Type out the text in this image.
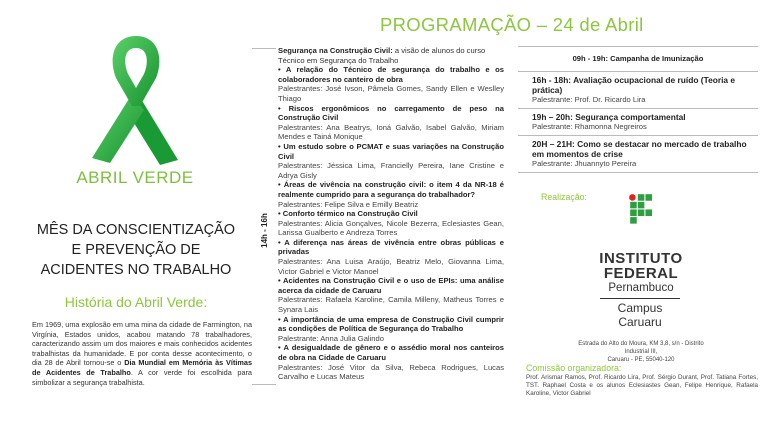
ABRIL VERDE
MÊS DA CONSCIENTIZAÇÃO
E PREVENÇÃO DE
ACIDENTES NO TRABALHO
História do Abril Verde:
Em 1969, uma explosão em uma mina da cidade de Farmington, na Virgínia, Estados unidos, acabou matando 78 trabalhadores, caracterizando assim um dos maiores e mais conhecidos acidentes trabalhistas da humanidade. E por conta desse acontecimento, o dia 28 de Abril tornou-se o Dia Mundial em Memória às Vítimas de Acidentes de Trabalho. A cor verde foi escolhida para simbolizar a segurança trabalhista.
PROGRAMAÇÃO – 24 de Abril
14h - 16h
Segurança na Construção Civil: a visão de alunos do curso Técnico em Segurança do Trabalho
• A relação do Técnico de segurança do trabalho e os colaboradores no canteiro de obra
Palestrantes: José Ivson, Pâmela Gomes, Sandy Ellen e Weslley Thiago
• Riscos ergonômicos no carregamento de peso na Construção Civil
Palestrantes: Ana Beatrys, Ioná Galvão, Isabel Galvão, Miriam Mendes e Tainá Monique
• Um estudo sobre o PCMAT e suas variações na Construção Civil
Palestrantes: Jéssica Lima, Francielly Pereira, Iane Cristine e Adrya Gisly
• Áreas de vivência na construção civil: o item 4 da NR-18 é realmente cumprido para a segurança do trabalhador?
Palestrantes: Felipe Silva e Emilly Beatriz
• Conforto térmico na Construção Civil
Palestrantes: Alicia Gonçalves, Nicole Bezerra, Eclesiastes Gean, Larissa Gualberto e Andreza Torres
• A diferença nas áreas de vivência entre obras públicas e privadas
Palestrantes: Ana Luisa Araújo, Beatriz Melo, Giovanna Lima, Victor Gabriel e Victor Manoel
• Acidentes na Construção Civil e o uso de EPIs: uma análise acerca da cidade de Caruaru
Palestrantes: Rafaela Karoline, Camila Milleny, Matheus Torres e Synara Lais
• A importância de uma empresa de Construção Civil cumprir as condições de Política de Segurança do Trabalho
Palestrante: Anna Julia Galindo
• A desigualdade de gênero e o assédio moral nos canteiros de obra na Cidade de Caruaru
Palestrantes: José Vitor da Silva, Rebeca Rodrigues, Lucas Carvalho e Lucas Mateus
09h - 19h: Campanha de Imunização
16h - 18h: Avaliação ocupacional de ruído (Teoria e prática)
Palestrante: Prof. Dr. Ricardo Lira
19h – 20h: Segurança comportamental
Palestrante: Rhamonna Negreiros
20H – 21H: Como se destacar no mercado de trabalho em momentos de crise
Palestrante: Jhuannyto Pereira
Realização:
INSTITUTO
FEDERAL
Pernambuco
Campus
Caruaru
Estrada do Alto do Moura, KM 3,8, s/n - Distrito Industrial III,
Caruaru - PE, 55040-120
Comissão organizadora:
Prof. Arismar Ramos, Prof. Ricardo Lira, Prof. Sérgio Durant, Prof. Tatiana Fortes, TST. Raphael Costa e os alunos Eclesiastes Gean, Felipe Henrique, Rafaela Karoline, Victor Gabriel
